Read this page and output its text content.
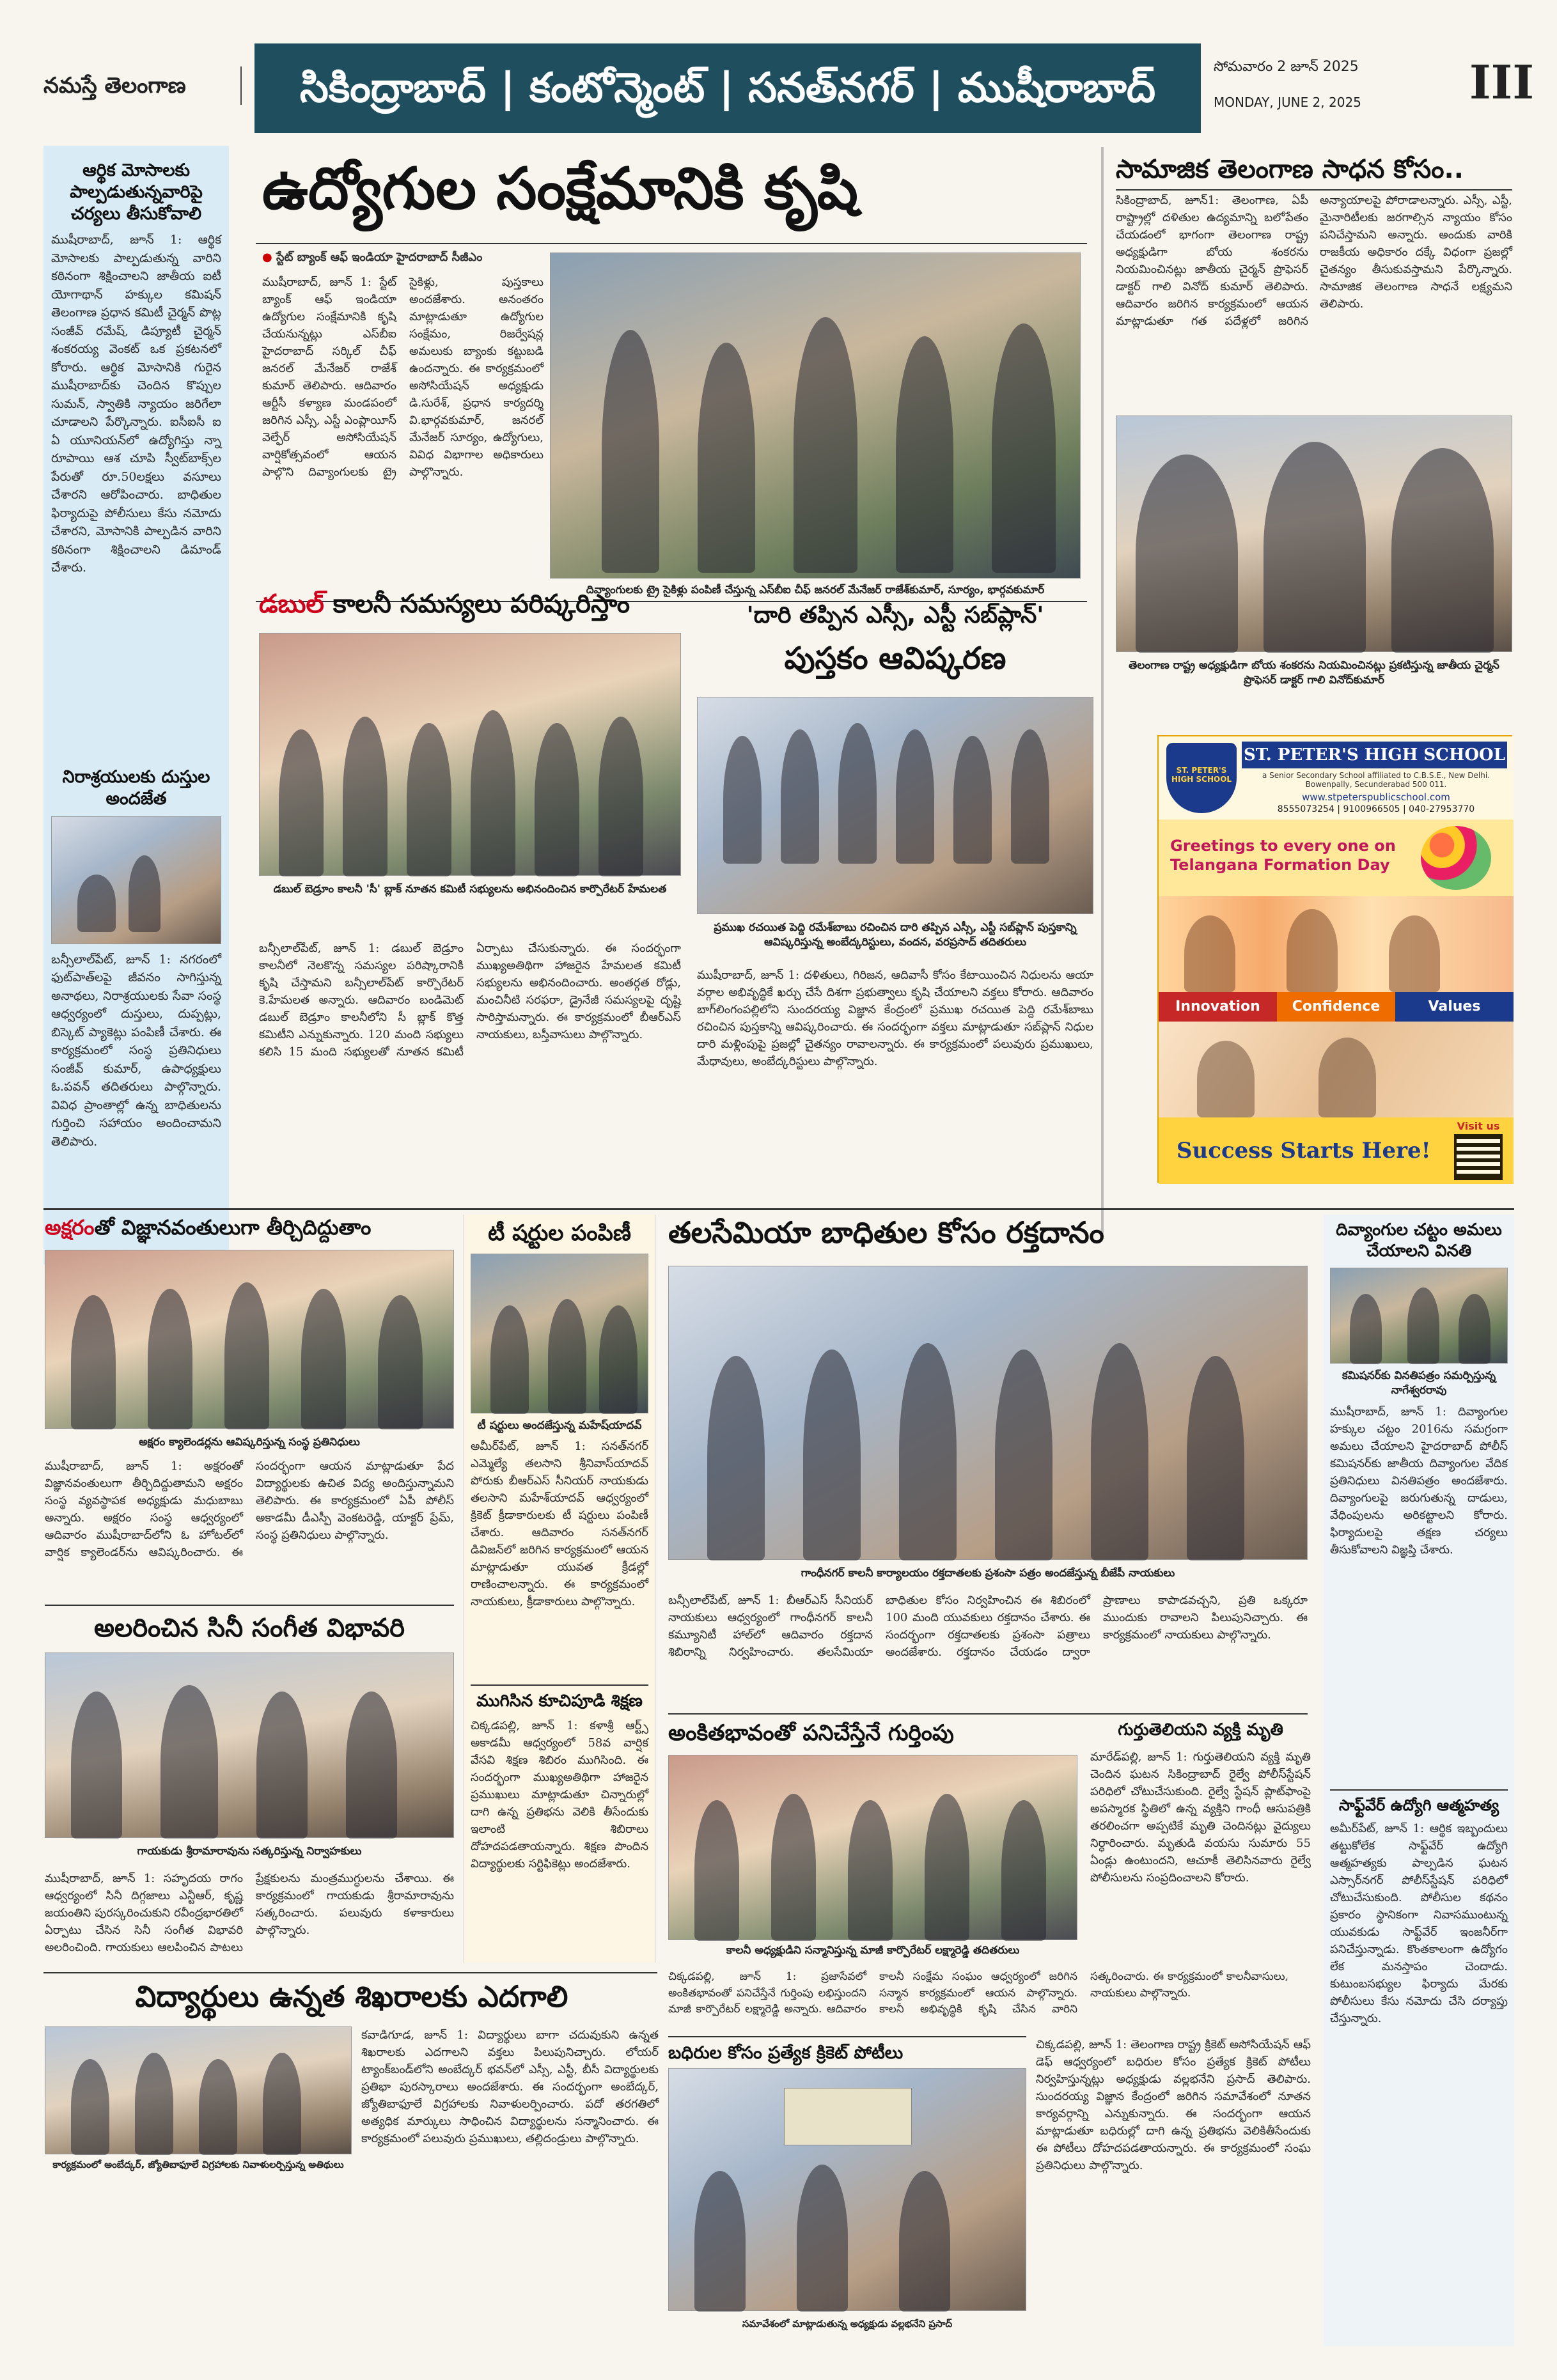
నమస్తే తెలంగాణ	సికింద్రాబాద్ | కంటోన్మెంట్ | సనత్‌నగర్ | ముషీరాబాద్	సోమవారం 2 జూన్ 2025
MONDAY, JUNE 2, 2025	III
ఆర్థిక మోసాలకు పాల్పడుతున్నవారిపై చర్యలు తీసుకోవాలి
ముషీరాబాద్, జూన్ 1: ఆర్థిక మోసాలకు పాల్పడుతున్న వారిని కఠినంగా శిక్షించాలని జాతీయ ఐటీ యోగాథాన్ హక్కుల కమిషన్ తెలంగాణ ప్రధాన కమిటీ చైర్మన్ పొట్ల సంజీవ్ రమేష్, డిప్యూటీ చైర్మన్ శంకరయ్య వెంకట్ ఒక ప్రకటనలో కోరారు. ఆర్థిక మోసానికి గురైన ముషీరాబాద్‌కు చెందిన కొప్పుల సుమన్, స్వాతికి న్యాయం జరిగేలా చూడాలని పేర్కొన్నారు. ఐసీఐసీ ఐ ఏ యూనియన్‌లో ఉద్యోగిస్తు న్నా రూపాయి ఆశ చూపి స్వీట్‌బాక్స్‌ల పేరుతో రూ.50లక్షలు వసూలు చేశారని ఆరోపించారు. బాధితుల ఫిర్యాదుపై పోలీసులు కేసు నమోదు చేశారని, మోసానికి పాల్పడిన వారిని కఠినంగా శిక్షించాలని డిమాండ్ చేశారు.
నిరాశ్రయులకు దుస్తుల అందజేత
బన్సీలాల్‌పేట్, జూన్ 1: నగరంలో ఫుట్‌పాత్‌లపై జీవనం సాగిస్తున్న అనాథలు, నిరాశ్రయులకు సేవా సంస్థ ఆధ్వర్యంలో దుస్తులు, దుప్పట్లు, బిస్కెట్ ప్యాకెట్లు పంపిణీ చేశారు. ఈ కార్యక్రమంలో సంస్థ ప్రతినిధులు సంజీవ్ కుమార్, ఉపాధ్యక్షులు ఓ.పవన్ తదితరులు పాల్గొన్నారు. వివిధ ప్రాంతాల్లో ఉన్న బాధితులను గుర్తించి సహాయం అందించామని తెలిపారు.
ఉద్యోగుల సంక్షేమానికి కృషి
● స్టేట్ బ్యాంక్ ఆఫ్ ఇండియా హైదరాబాద్ సీజీఎం
ముషీరాబాద్, జూన్ 1: స్టేట్ బ్యాంక్ ఆఫ్ ఇండియా ఉద్యోగుల సంక్షేమానికి కృషి చేయనున్నట్లు ఎస్‌బీఐ హైదరాబాద్ సర్కిల్ చీఫ్ జనరల్ మేనేజర్ రాజేశ్ కుమార్ తెలిపారు. ఆదివారం ఆర్టీసీ కళ్యాణ మండపంలో జరిగిన ఎస్సీ, ఎస్టీ ఎంప్లాయీస్ వెల్ఫేర్ అసోసియేషన్ వార్షికోత్సవంలో ఆయన పాల్గొని దివ్యాంగులకు ట్రై సైకిళ్లు, పుస్తకాలు అందజేశారు. అనంతరం మాట్లాడుతూ ఉద్యోగుల సంక్షేమం, రిజర్వేషన్ల అమలుకు బ్యాంకు కట్టుబడి ఉందన్నారు. ఈ కార్యక్రమంలో అసోసియేషన్ అధ్యక్షుడు డి.సురేశ్, ప్రధాన కార్యదర్శి వి.భార్గవకుమార్, జనరల్ మేనేజర్ సూర్యం, ఉద్యోగులు, వివిధ విభాగాల అధికారులు పాల్గొన్నారు.
దివ్యాంగులకు ట్రై సైకిళ్లు పంపిణీ చేస్తున్న ఎస్‌బీఐ చీఫ్ జనరల్ మేనేజర్ రాజేశ్‌కుమార్, సూర్యం, భార్గవకుమార్
సామాజిక తెలంగాణ సాధన కోసం..
సికింద్రాబాద్, జూన్1: తెలంగాణ, ఏపీ రాష్ట్రాల్లో దళితుల ఉద్యమాన్ని బలోపేతం చేయడంలో భాగంగా తెలంగాణ రాష్ట్ర అధ్యక్షుడిగా బోయ శంకరను నియమించినట్లు జాతీయ చైర్మన్ ప్రొఫెసర్ డాక్టర్ గాలి వినోద్ కుమార్ తెలిపారు. ఆదివారం జరిగిన కార్యక్రమంలో ఆయన మాట్లాడుతూ గత పదేళ్లలో జరిగిన అన్యాయాలపై పోరాడాలన్నారు. ఎస్సీ, ఎస్టీ, మైనారిటీలకు జరగాల్సిన న్యాయం కోసం పనిచేస్తామని అన్నారు. అందుకు వారికి రాజకీయ అధికారం దక్కే విధంగా ప్రజల్లో చైతన్యం తీసుకువస్తామని పేర్కొన్నారు. సామాజిక తెలంగాణ సాధనే లక్ష్యమని తెలిపారు.
తెలంగాణ రాష్ట్ర అధ్యక్షుడిగా బోయ శంకరను నియమించినట్లు ప్రకటిస్తున్న జాతీయ చైర్మన్ ప్రొఫెసర్ డాక్టర్ గాలి వినోద్‌కుమార్
డబుల్ కాలనీ సమస్యలు పరిష్కరిస్తాం
డబుల్ బెడ్రూం కాలనీ 'సీ' బ్లాక్ నూతన కమిటీ సభ్యులను అభినందించిన కార్పొరేటర్ హేమలత
బన్సీలాల్‌పేట్, జూన్ 1: డబుల్ బెడ్రూం కాలనీలో నెలకొన్న సమస్యల పరిష్కారానికి కృషి చేస్తామని బన్సీలాల్‌పేట్ కార్పొరేటర్ కె.హేమలత అన్నారు. ఆదివారం బండిమెట్ డబుల్ బెడ్రూం కాలనీలోని సీ బ్లాక్ కొత్త కమిటీని ఎన్నుకున్నారు. 120 మంది సభ్యులు కలిసి 15 మంది సభ్యులతో నూతన కమిటీ ఏర్పాటు చేసుకున్నారు. ఈ సందర్భంగా ముఖ్యఅతిథిగా హాజరైన హేమలత కమిటీ సభ్యులను అభినందించారు. అంతర్గత రోడ్లు, మంచినీటి సరఫరా, డ్రైనేజీ సమస్యలపై దృష్టి సారిస్తామన్నారు. ఈ కార్యక్రమంలో బీఆర్‌ఎస్ నాయకులు, బస్తీవాసులు పాల్గొన్నారు.
'దారి తప్పిన ఎస్సీ, ఎస్టీ సబ్‌ప్లాన్'
పుస్తకం ఆవిష్కరణ
ప్రముఖ రచయిత పెద్ది రమేశ్‌బాబు రచించిన దారి తప్పిన ఎస్సీ, ఎస్టీ సబ్‌ప్లాన్ పుస్తకాన్ని ఆవిష్కరిస్తున్న అంబేద్కరిస్టులు, వందన, వరప్రసాద్ తదితరులు
ముషీరాబాద్, జూన్ 1: దళితులు, గిరిజన, ఆదివాసీ కోసం కేటాయించిన నిధులను ఆయా వర్గాల అభివృద్ధికే ఖర్చు చేసే దిశగా ప్రభుత్వాలు కృషి చేయాలని వక్తలు కోరారు. ఆదివారం బాగ్‌లింగంపల్లిలోని సుందరయ్య విజ్ఞాన కేంద్రంలో ప్రముఖ రచయిత పెద్ది రమేశ్‌బాబు రచించిన పుస్తకాన్ని ఆవిష్కరించారు. ఈ సందర్భంగా వక్తలు మాట్లాడుతూ సబ్‌ప్లాన్ నిధుల దారి మళ్లింపుపై ప్రజల్లో చైతన్యం రావాలన్నారు. ఈ కార్యక్రమంలో పలువురు ప్రముఖులు, మేధావులు, అంబేద్కరిస్టులు పాల్గొన్నారు.
ST. PETER'S HIGH SCHOOL
ST. PETER'S HIGH SCHOOL
a Senior Secondary School affiliated to C.B.S.E., New Delhi. Bowenpally, Secunderabad 500 011.
www.stpeterspublicschool.com
8555073254 | 9100966505 | 040-27953770
Greetings to every one on Telangana Formation Day
Innovation	Confidence	Values
Success Starts Here!
Visit us
అక్షరంతో విజ్ఞానవంతులుగా తీర్చిదిద్దుతాం
అక్షరం క్యాలెండర్లను ఆవిష్కరిస్తున్న సంస్థ ప్రతినిధులు
ముషీరాబాద్, జూన్ 1: అక్షరంతో విజ్ఞానవంతులుగా తీర్చిదిద్దుతామని అక్షరం సంస్థ వ్యవస్థాపక అధ్యక్షుడు మధుబాబు అన్నారు. అక్షరం సంస్థ ఆధ్వర్యంలో ఆదివారం ముషీరాబాద్‌లోని ఓ హోటల్‌లో వార్షిక క్యాలెండర్‌ను ఆవిష్కరించారు. ఈ సందర్భంగా ఆయన మాట్లాడుతూ పేద విద్యార్థులకు ఉచిత విద్య అందిస్తున్నామని తెలిపారు. ఈ కార్యక్రమంలో ఏపీ పోలీస్ అకాడమీ డీఎస్పీ వెంకటరెడ్డి, యాక్టర్ ప్రేమ్, సంస్థ ప్రతినిధులు పాల్గొన్నారు.
టీ షర్టుల పంపిణీ
టీ షర్టులు అందజేస్తున్న మహేష్‌యాదవ్
అమీర్‌పేట్, జూన్ 1: సనత్‌నగర్ ఎమ్మెల్యే తలసాని శ్రీనివాస్‌యాదవ్ పోరుకు బీఆర్‌ఎస్ సీనియర్ నాయకుడు తలసాని మహేశ్‌యాదవ్ ఆధ్వర్యంలో క్రికెట్ క్రీడాకారులకు టీ షర్టులు పంపిణీ చేశారు. ఆదివారం సనత్‌నగర్ డివిజన్‌లో జరిగిన కార్యక్రమంలో ఆయన మాట్లాడుతూ యువత క్రీడల్లో రాణించాలన్నారు. ఈ కార్యక్రమంలో నాయకులు, క్రీడాకారులు పాల్గొన్నారు.
ముగిసిన కూచిపూడి శిక్షణ
చిక్కడపల్లి, జూన్ 1: కళాశ్రీ ఆర్ట్స్ అకాడమీ ఆధ్వర్యంలో 58వ వార్షిక వేసవి శిక్షణ శిబిరం ముగిసింది. ఈ సందర్భంగా ముఖ్యఅతిథిగా హాజరైన ప్రముఖులు మాట్లాడుతూ చిన్నారుల్లో దాగి ఉన్న ప్రతిభను వెలికి తీసేందుకు ఇలాంటి శిబిరాలు దోహదపడతాయన్నారు. శిక్షణ పొందిన విద్యార్థులకు సర్టిఫికెట్లు అందజేశారు.
అలరించిన సినీ సంగీత విభావరి
గాయకుడు శ్రీరామారావును సత్కరిస్తున్న నిర్వాహకులు
ముషీరాబాద్, జూన్ 1: సహృదయ రాగం ఆధ్వర్యంలో సినీ దిగ్గజాలు ఎన్టీఆర్, కృష్ణ జయంతిని పురస్కరించుకుని రవీంద్రభారతిలో ఏర్పాటు చేసిన సినీ సంగీత విభావరి అలరించింది. గాయకులు ఆలపించిన పాటలు ప్రేక్షకులను మంత్రముగ్ధులను చేశాయి. ఈ కార్యక్రమంలో గాయకుడు శ్రీరామారావును సత్కరించారు. పలువురు కళాకారులు పాల్గొన్నారు.
తలసేమియా బాధితుల కోసం రక్తదానం
గాంధీనగర్ కాలనీ కార్యాలయం రక్తదాతలకు ప్రశంసా పత్రం అందజేస్తున్న బీజేపీ నాయకులు
బన్సీలాల్‌పేట్, జూన్ 1: బీఆర్‌ఎస్ సీనియర్ నాయకులు ఆధ్వర్యంలో గాంధీనగర్ కాలనీ కమ్యూనిటీ హాల్‌లో ఆదివారం రక్తదాన శిబిరాన్ని నిర్వహించారు. తలసేమియా బాధితుల కోసం నిర్వహించిన ఈ శిబిరంలో 100 మంది యువకులు రక్తదానం చేశారు. ఈ సందర్భంగా రక్తదాతలకు ప్రశంసా పత్రాలు అందజేశారు. రక్తదానం చేయడం ద్వారా ప్రాణాలు కాపాడవచ్చని, ప్రతి ఒక్కరూ ముందుకు రావాలని పిలుపునిచ్చారు. ఈ కార్యక్రమంలో నాయకులు పాల్గొన్నారు.
దివ్యాంగుల చట్టం అమలు చేయాలని వినతి
కమిషనర్‌కు వినతిపత్రం సమర్పిస్తున్న నాగేశ్వరరావు
ముషీరాబాద్, జూన్ 1: దివ్యాంగుల హక్కుల చట్టం 2016ను సమగ్రంగా అమలు చేయాలని హైదరాబాద్ పోలీస్ కమిషనర్‌కు జాతీయ దివ్యాంగుల వేదిక ప్రతినిధులు వినతిపత్రం అందజేశారు. దివ్యాంగులపై జరుగుతున్న దాడులు, వేధింపులను అరికట్టాలని కోరారు. ఫిర్యాదులపై తక్షణ చర్యలు తీసుకోవాలని విజ్ఞప్తి చేశారు.
సాఫ్ట్‌వేర్ ఉద్యోగి ఆత్మహత్య
అమీర్‌పేట్, జూన్ 1: ఆర్థిక ఇబ్బందులు తట్టుకోలేక సాఫ్ట్‌వేర్ ఉద్యోగి ఆత్మహత్యకు పాల్పడిన ఘటన ఎస్సార్‌నగర్ పోలీస్‌స్టేషన్ పరిధిలో చోటుచేసుకుంది. పోలీసుల కథనం ప్రకారం స్థానికంగా నివాసముంటున్న యువకుడు సాఫ్ట్‌వేర్ ఇంజనీర్‌గా పనిచేస్తున్నాడు. కొంతకాలంగా ఉద్యోగం లేక మనస్తాపం చెందాడు. కుటుంబసభ్యుల ఫిర్యాదు మేరకు పోలీసులు కేసు నమోదు చేసి దర్యాప్తు చేస్తున్నారు.
అంకితభావంతో పనిచేస్తేనే గుర్తింపు
కాలనీ అధ్యక్షుడిని సన్మానిస్తున్న మాజీ కార్పొరేటర్ లక్ష్మారెడ్డి తదితరులు
చిక్కడపల్లి, జూన్ 1: ప్రజాసేవలో అంకితభావంతో పనిచేస్తేనే గుర్తింపు లభిస్తుందని మాజీ కార్పొరేటర్ లక్ష్మారెడ్డి అన్నారు. ఆదివారం కాలనీ సంక్షేమ సంఘం ఆధ్వర్యంలో జరిగిన సన్మాన కార్యక్రమంలో ఆయన పాల్గొన్నారు. కాలనీ అభివృద్ధికి కృషి చేసిన వారిని సత్కరించారు. ఈ కార్యక్రమంలో కాలనీవాసులు, నాయకులు పాల్గొన్నారు.
గుర్తుతెలియని వ్యక్తి మృతి
మారేడ్‌పల్లి, జూన్ 1: గుర్తుతెలియని వ్యక్తి మృతి చెందిన ఘటన సికింద్రాబాద్ రైల్వే పోలీస్‌స్టేషన్ పరిధిలో చోటుచేసుకుంది. రైల్వే స్టేషన్ ప్లాట్‌ఫాంపై అపస్మారక స్థితిలో ఉన్న వ్యక్తిని గాంధీ ఆసుపత్రికి తరలించగా అప్పటికే మృతి చెందినట్లు వైద్యులు నిర్ధారించారు. మృతుడి వయసు సుమారు 55 ఏండ్లు ఉంటుందని, ఆచూకీ తెలిసినవారు రైల్వే పోలీసులను సంప్రదించాలని కోరారు.
విద్యార్థులు ఉన్నత శిఖరాలకు ఎదగాలి
కార్యక్రమంలో అంబేద్కర్, జ్యోతిబాఫూలే విగ్రహాలకు నివాళులర్పిస్తున్న అతిథులు
కవాడిగూడ, జూన్ 1: విద్యార్థులు బాగా చదువుకుని ఉన్నత శిఖరాలకు ఎదగాలని వక్తలు పిలుపునిచ్చారు. లోయర్ ట్యాంక్‌బండ్‌లోని అంబేద్కర్ భవన్‌లో ఎస్సీ, ఎస్టీ, బీసీ విద్యార్థులకు ప్రతిభా పురస్కారాలు అందజేశారు. ఈ సందర్భంగా అంబేద్కర్, జ్యోతిబాఫూలే విగ్రహాలకు నివాళులర్పించారు. పదో తరగతిలో అత్యధిక మార్కులు సాధించిన విద్యార్థులను సన్మానించారు. ఈ కార్యక్రమంలో పలువురు ప్రముఖులు, తల్లిదండ్రులు పాల్గొన్నారు.
బధిరుల కోసం ప్రత్యేక క్రికెట్ పోటీలు
సమావేశంలో మాట్లాడుతున్న అధ్యక్షుడు వల్లభనేని ప్రసాద్
చిక్కడపల్లి, జూన్ 1: తెలంగాణ రాష్ట్ర క్రికెట్ అసోసియేషన్ ఆఫ్ డెఫ్ ఆధ్వర్యంలో బధిరుల కోసం ప్రత్యేక క్రికెట్ పోటీలు నిర్వహిస్తున్నట్లు అధ్యక్షుడు వల్లభనేని ప్రసాద్ తెలిపారు. సుందరయ్య విజ్ఞాన కేంద్రంలో జరిగిన సమావేశంలో నూతన కార్యవర్గాన్ని ఎన్నుకున్నారు. ఈ సందర్భంగా ఆయన మాట్లాడుతూ బధిరుల్లో దాగి ఉన్న ప్రతిభను వెలికితీసేందుకు ఈ పోటీలు దోహదపడతాయన్నారు. ఈ కార్యక్రమంలో సంఘ ప్రతినిధులు పాల్గొన్నారు.
